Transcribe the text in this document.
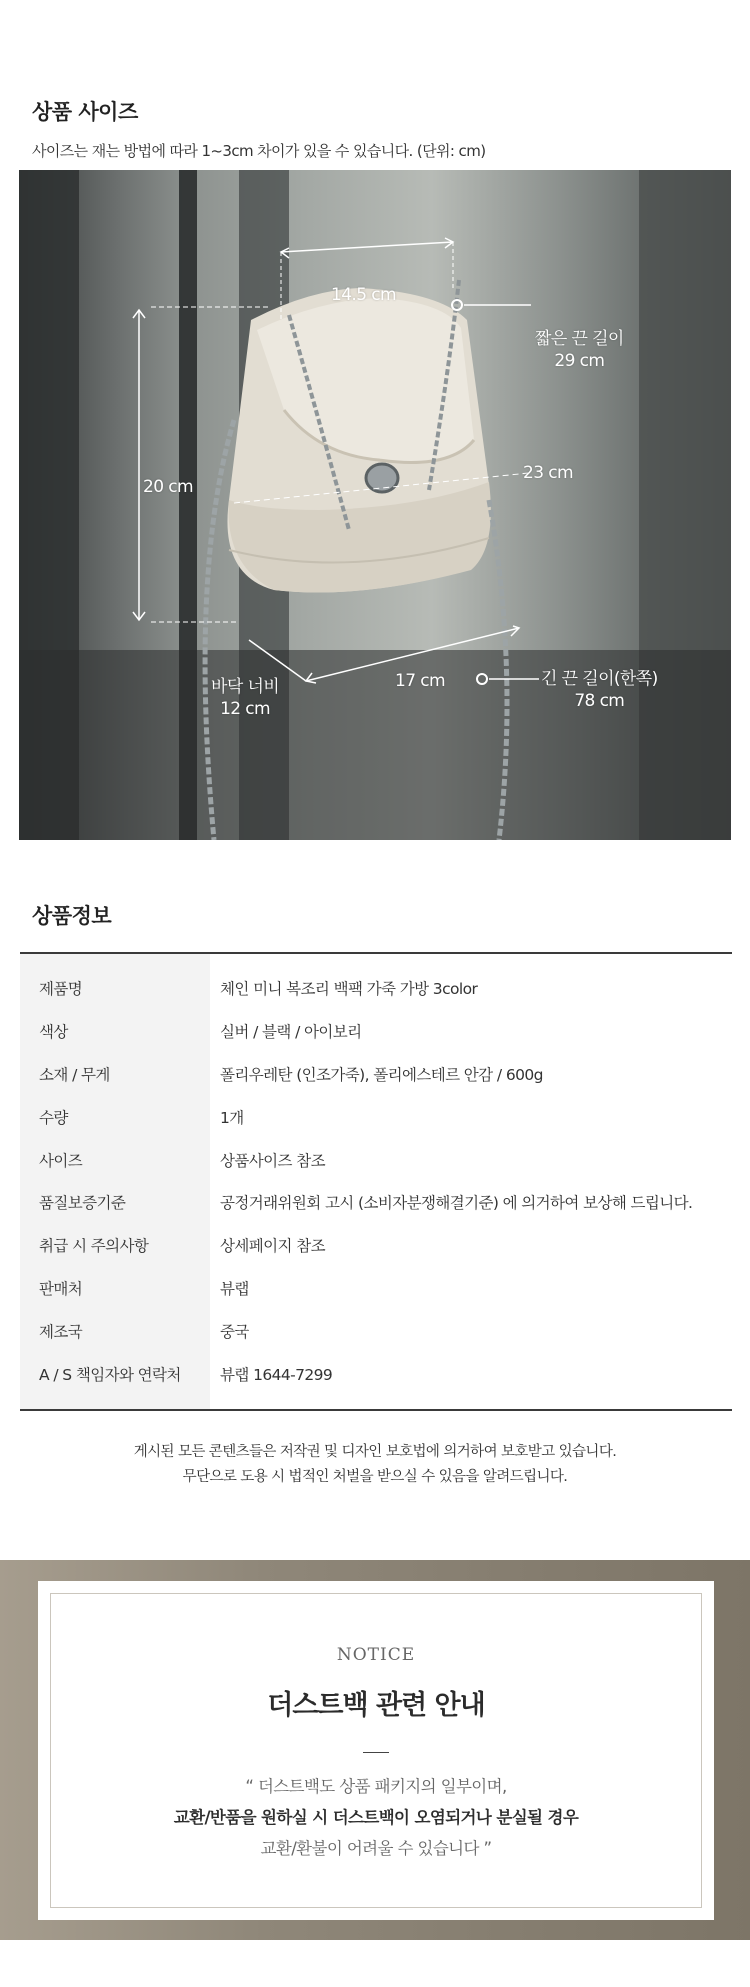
상품 사이즈
사이즈는 재는 방법에 따라 1~3cm 차이가 있을 수 있습니다. (단위: cm)
14.5 cm
20 cm
짧은 끈 길이
29 cm
23 cm
17 cm
바닥 너비
12 cm
긴 끈 길이(한쪽)
78 cm
상품정보
제품명	체인 미니 복조리 백팩 가죽 가방 3color
색상	실버 / 블랙 / 아이보리
소재 / 무게	폴리우레탄 (인조가죽), 폴리에스테르 안감 / 600g
수량	1개
사이즈	상품사이즈 참조
품질보증기준	공정거래위원회 고시 (소비자분쟁해결기준) 에 의거하여 보상해 드립니다.
취급 시 주의사항	상세페이지 참조
판매처	뷰랩
제조국	중국
A / S 책임자와 연락처	뷰랩 1644-7299
게시된 모든 콘텐츠들은 저작권 및 디자인 보호법에 의거하여 보호받고 있습니다.
무단으로 도용 시 법적인 처벌을 받으실 수 있음을 알려드립니다.
NOTICE
더스트백 관련 안내
“ 더스트백도 상품 패키지의 일부이며,
교환/반품을 원하실 시 더스트백이 오염되거나 분실될 경우
교환/환불이 어려울 수 있습니다 ”
